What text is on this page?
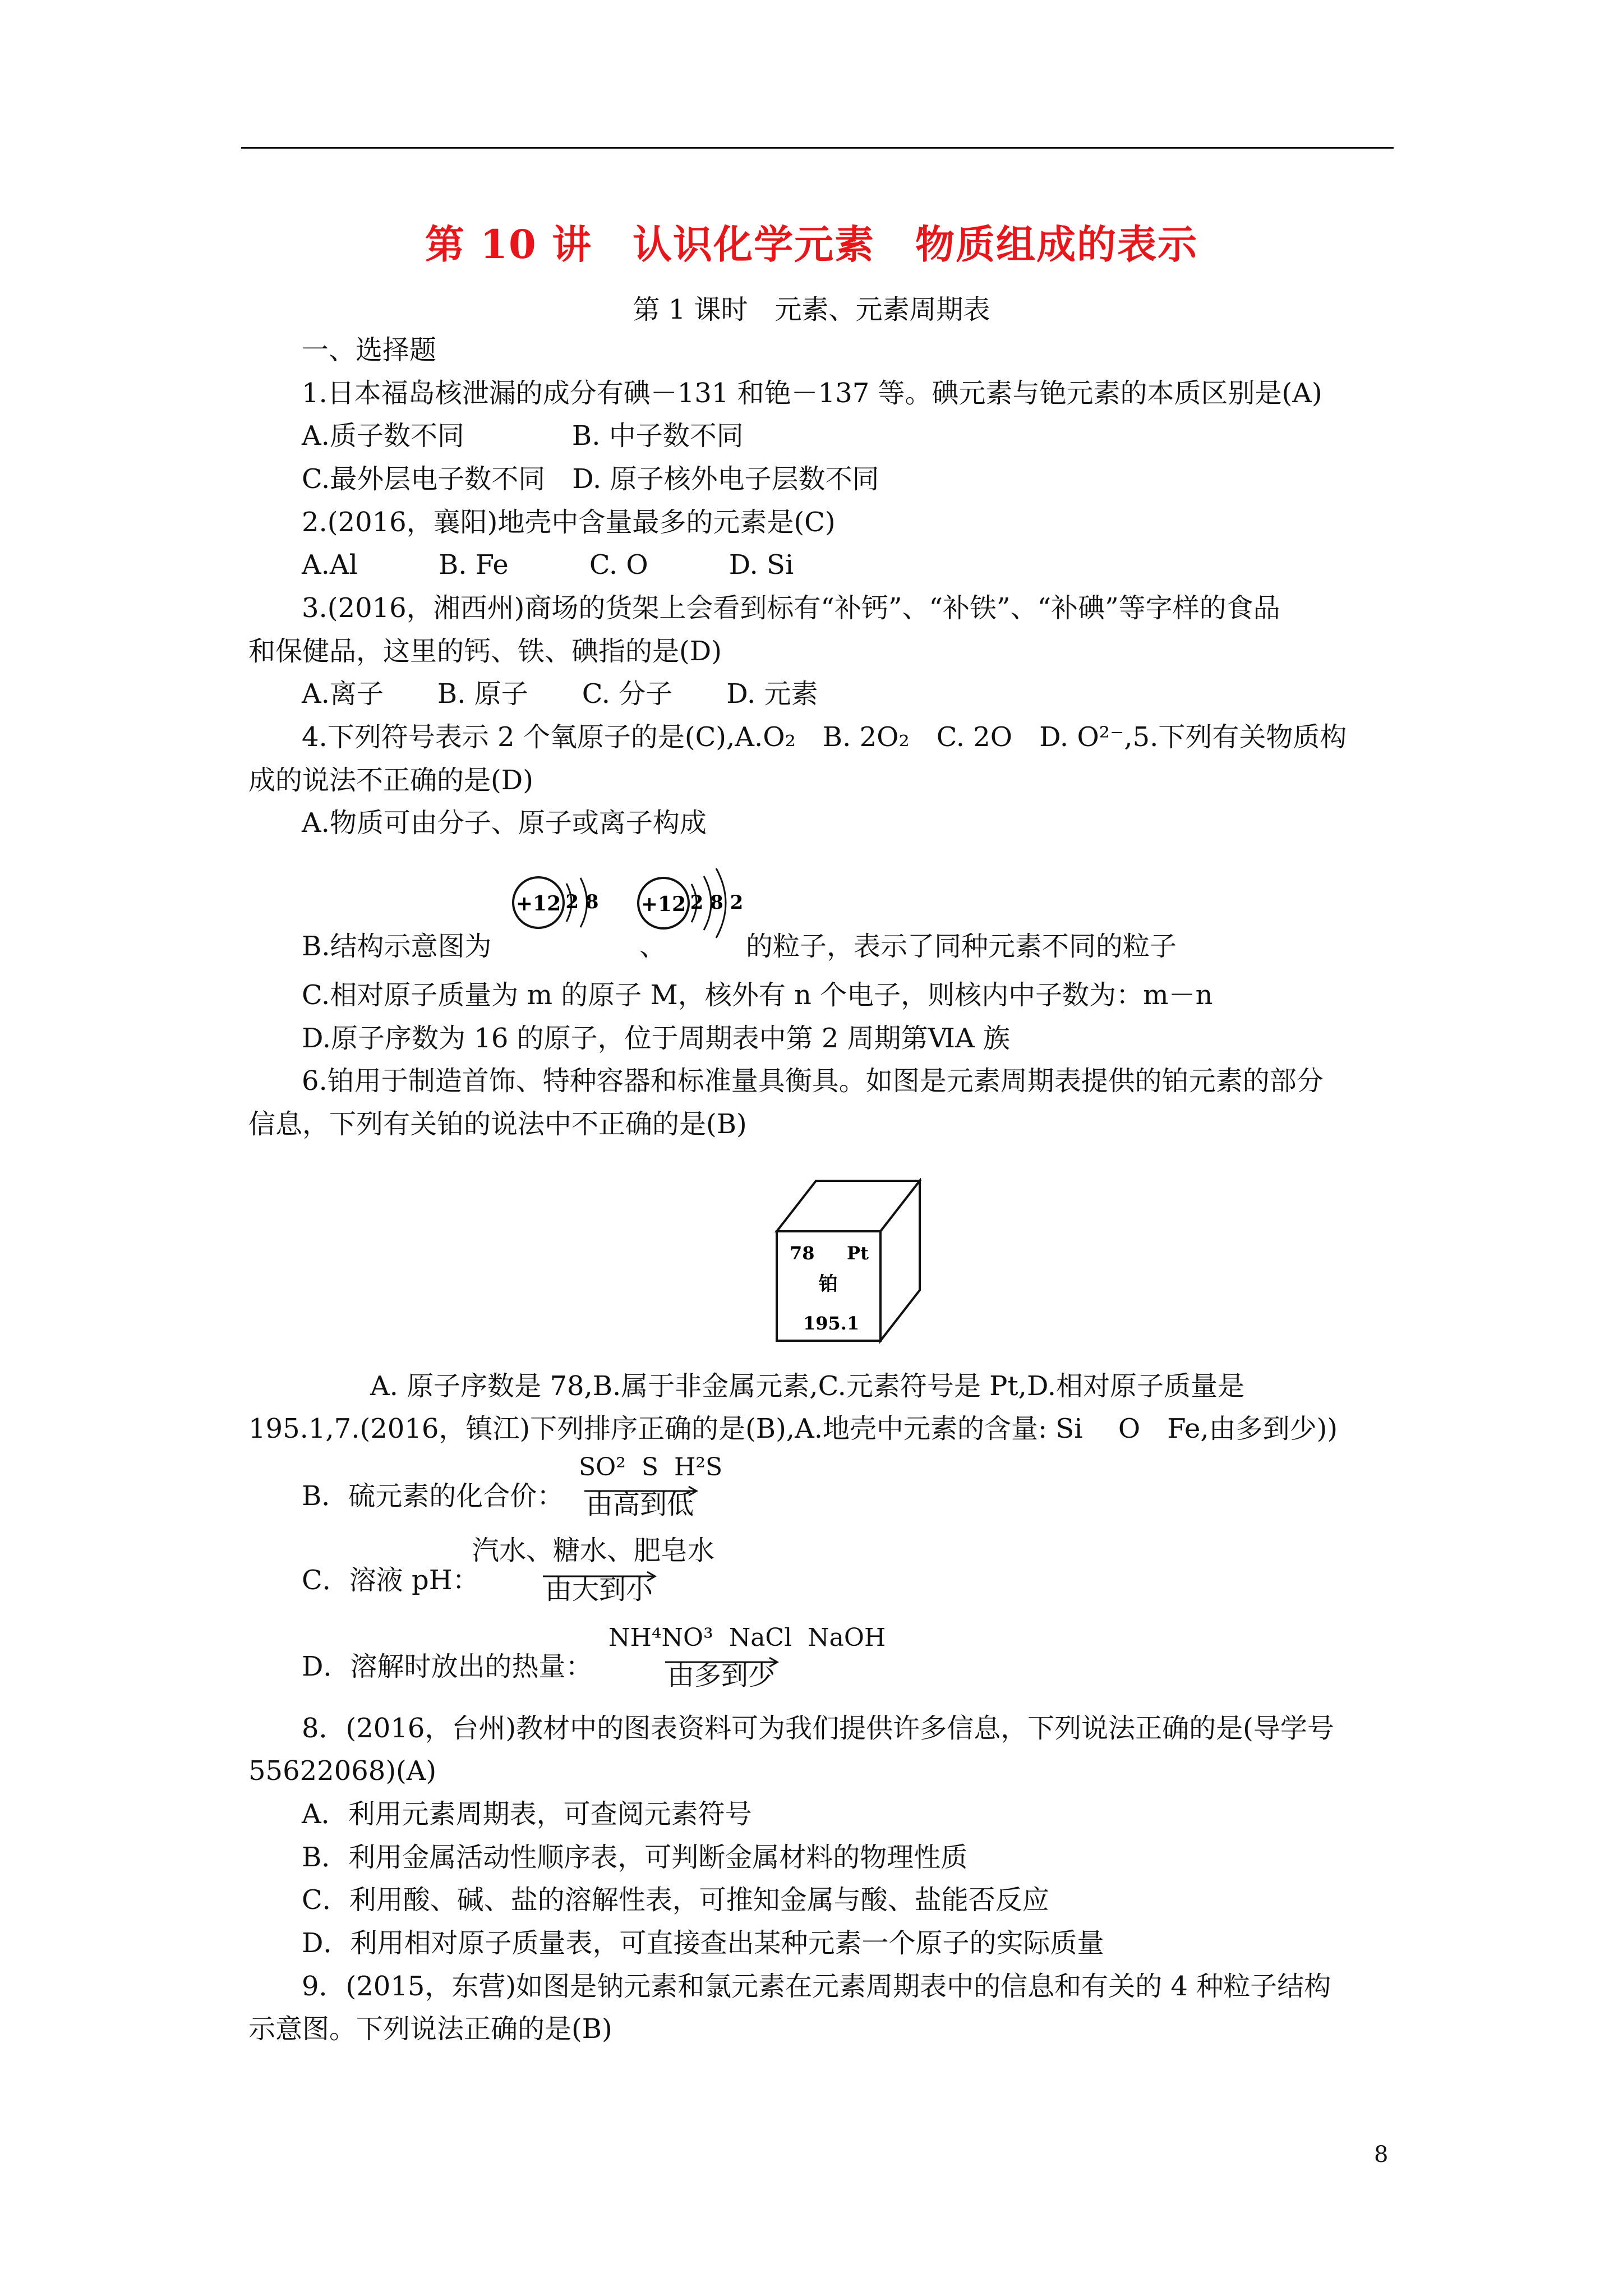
第 10 讲　认识化学元素　物质组成的表示
第 1 课时　元素、元素周期表
一、选择题
1.日本福岛核泄漏的成分有碘－131 和铯－137 等。碘元素与铯元素的本质区别是(A)
A.质子数不同　　　　B. 中子数不同
C.最外层电子数不同　D. 原子核外电子层数不同
2.(2016，襄阳)地壳中含量最多的元素是(C)
A.Al　　　B. Fe　　　C. O　　　D. Si
3.(2016，湘西州)商场的货架上会看到标有“补钙”、“补铁”、“补碘”等字样的食品
和保健品，这里的钙、铁、碘指的是(D)
A.离子　　B. 原子　　C. 分子　　D. 元素
4.下列符号表示 2 个氧原子的是(C),A.O₂　B. 2O₂　C. 2O　D. O²⁻,5.下列有关物质构
成的说法不正确的是(D)
A.物质可由分子、原子或离子构成
B.结构示意图为
+12 2 8
、
+12 2 8 2
的粒子，表示了同种元素不同的粒子
C.相对原子质量为 m 的原子 M，核外有 n 个电子，则核内中子数为：m－n
D.原子序数为 16 的原子，位于周期表中第 2 周期第ⅥA 族
6.铂用于制造首饰、特种容器和标准量具衡具。如图是元素周期表提供的铂元素的部分
信息，下列有关铂的说法中不正确的是(B)
78 Pt
铂
195.1
A. 原子序数是 78,B.属于非金属元素,C.元素符号是 Pt,D.相对原子质量是
195.1,7.(2016，镇江)下列排序正确的是(B),A.地壳中元素的含量: Si　 O　Fe,由多到少))
B．硫元素的化合价：
SO²  S  H²S
由高到低
C．溶液 pH：
汽水、糖水、肥皂水
由大到小
D．溶解时放出的热量：
NH⁴NO³  NaCl  NaOH
由多到少
8．(2016，台州)教材中的图表资料可为我们提供许多信息，下列说法正确的是(导学号
55622068)(A)
A．利用元素周期表，可查阅元素符号
B．利用金属活动性顺序表，可判断金属材料的物理性质
C．利用酸、碱、盐的溶解性表，可推知金属与酸、盐能否反应
D．利用相对原子质量表，可直接查出某种元素一个原子的实际质量
9．(2015，东营)如图是钠元素和氯元素在元素周期表中的信息和有关的 4 种粒子结构
示意图。下列说法正确的是(B)
8
